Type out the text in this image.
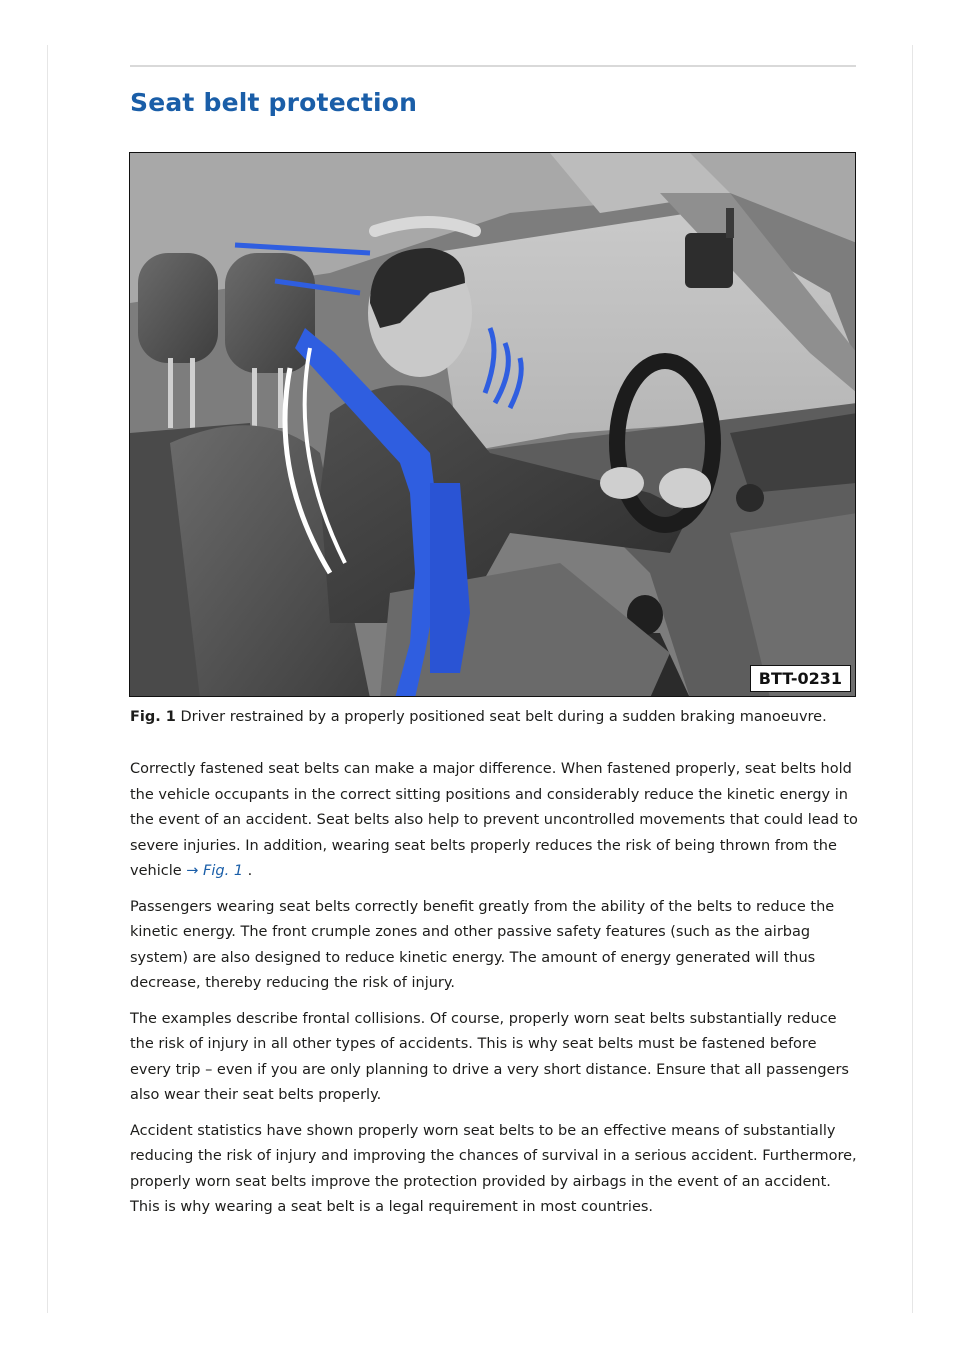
Seat belt protection
BTT-0231
Fig. 1 Driver restrained by a properly positioned seat belt during a sudden braking manoeuvre.

Correctly fastened seat belts can make a major difference. When fastened properly, seat belts hold the vehicle occupants in the correct sitting positions and considerably reduce the kinetic energy in the event of an accident. Seat belts also help to prevent uncontrolled movements that could lead to severe injuries. In addition, wearing seat belts properly reduces the risk of being thrown from the vehicle → Fig. 1 .

Passengers wearing seat belts correctly benefit greatly from the ability of the belts to reduce the kinetic energy. The front crumple zones and other passive safety features (such as the airbag system) are also designed to reduce kinetic energy. The amount of energy generated will thus decrease, thereby reducing the risk of injury.

The examples describe frontal collisions. Of course, properly worn seat belts substantially reduce the risk of injury in all other types of accidents. This is why seat belts must be fastened before every trip – even if you are only planning to drive a very short distance. Ensure that all passengers also wear their seat belts properly.

Accident statistics have shown properly worn seat belts to be an effective means of substantially reducing the risk of injury and improving the chances of survival in a serious accident. Furthermore, properly worn seat belts improve the protection provided by airbags in the event of an accident. This is why wearing a seat belt is a legal requirement in most countries.
